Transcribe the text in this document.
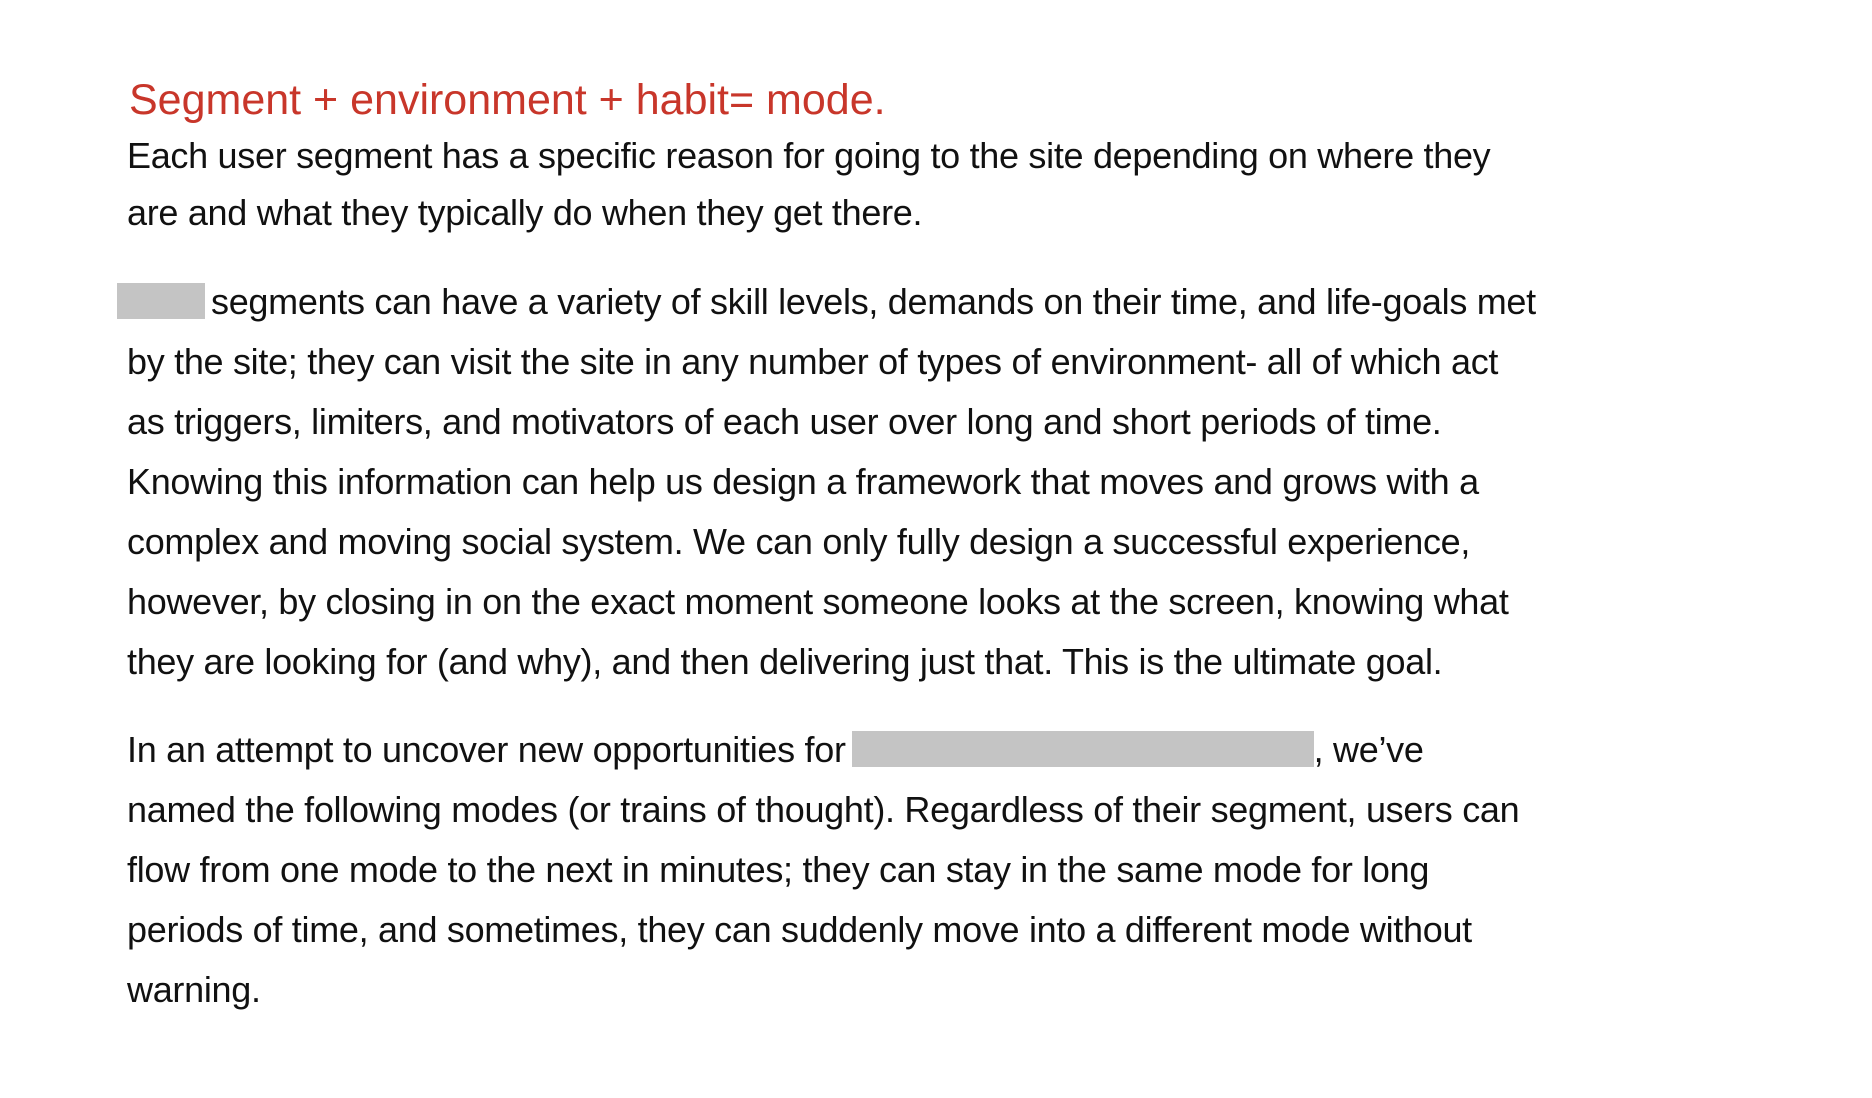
Segment + environment + habit= mode.

Each user segment has a specific reason for going to the site depending on where they
are and what they typically do when they get there.

segments can have a variety of skill levels, demands on their time, and life-goals met
by the site; they can visit the site in any number of types of environment- all of which act
as triggers, limiters, and motivators of each user over long and short periods of time.
Knowing this information can help us design a framework that moves and grows with a
complex and moving social system. We can only fully design a successful experience,
however, by closing in on the exact moment someone looks at the screen, knowing what
they are looking for (and why), and then delivering just that. This is the ultimate goal.

In an attempt to uncover new opportunities for	, we’ve
named the following modes (or trains of thought). Regardless of their segment, users can
flow from one mode to the next in minutes; they can stay in the same mode for long
periods of time, and sometimes, they can suddenly move into a different mode without
warning.
